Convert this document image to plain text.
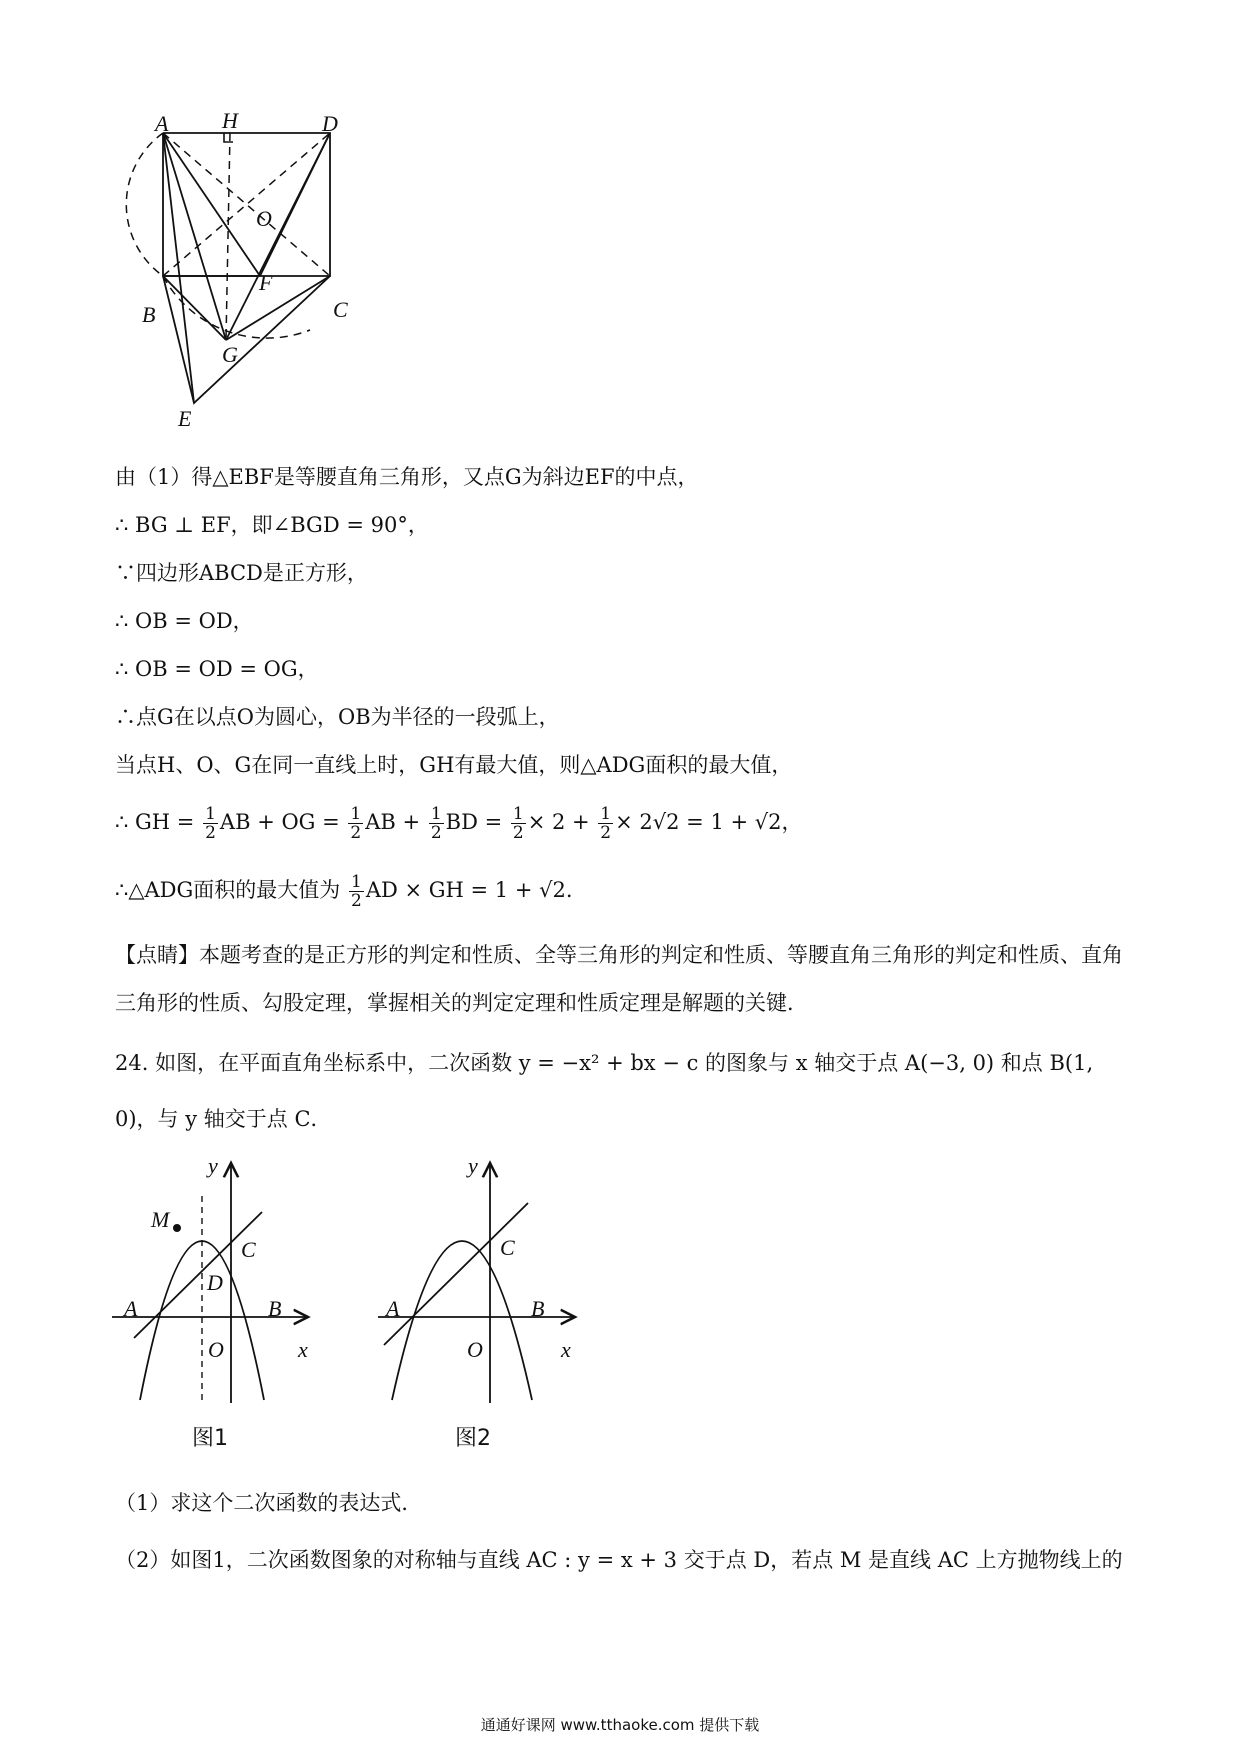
A H	D
O
F
B	C
G
E
由（1）得△EBF是等腰直角三角形，又点G为斜边EF的中点，
∴ BG ⊥ EF，即∠BGD = 90°，
∵四边形ABCD是正方形，
∴ OB = OD，
∴ OB = OD = OG，
∴点G在以点O为圆心，OB为半径的一段弧上，
当点H、O、G在同一直线上时，GH有最大值，则△ADG面积的最大值，
∴ GH = $\frac{1}{2}$ AB + OG = $\frac{1}{2}$ AB + $\frac{1}{2}$ BD = $\frac{1}{2} \times 2 + \frac{1}{2} \times 2√2 = 1 + √2$，
∴△ADG面积的最大值为 $\frac{1}{2}$ AD × GH = 1 + √2.
【点睛】本题考查的是正方形的判定和性质、全等三角形的判定和性质、等腰直角三角形的判定和性质、直角三角形的性质、勾股定理，掌握相关的判定定理和性质定理是解题的关键．
24. 如图，在平面直角坐标系中，二次函数 y = −x² + bx − c 的图象与 x 轴交于点 A(−3, 0) 和点 B(1, 0)，与 y 轴交于点 C．
y
M
C
D
A	B
O	x
图1
y
C
A	B
O	x
图2
（1）求这个二次函数的表达式．
（2）如图1，二次函数图象的对称轴与直线 AC : y = x + 3 交于点 D，若点 M 是直线 AC 上方抛物线上的
通通好课网 www.tthaoke.com 提供下载
